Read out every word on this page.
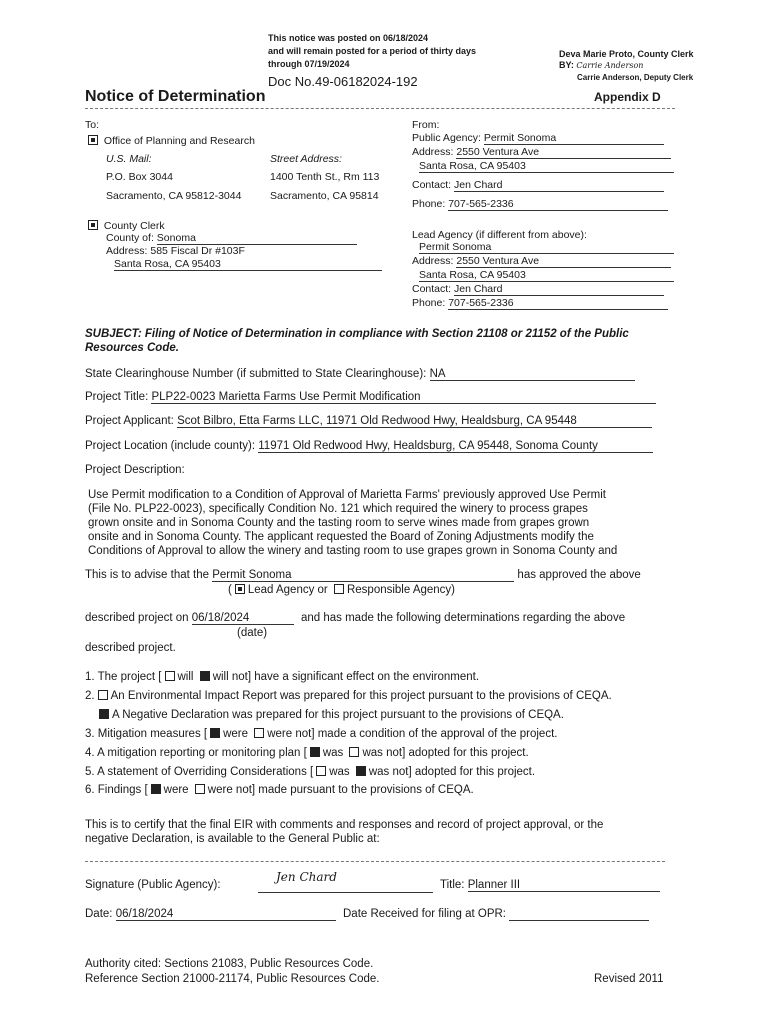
This notice was posted on 06/18/2024
and will remain posted for a period of thirty days
through 07/19/2024
Doc No.49-06182024-192
Deva Marie Proto, County Clerk
BY: Carrie Anderson
Carrie Anderson, Deputy Clerk
Notice of Determination	Appendix D
To:
Office of Planning and Research
U.S. Mail:	Street Address:
P.O. Box 3044	1400 Tenth St., Rm 113
Sacramento, CA 95812-3044	Sacramento, CA 95814
County Clerk
County of: Sonoma
Address: 585 Fiscal Dr #103F
Santa Rosa, CA 95403
From:
Public Agency: Permit Sonoma
Address: 2550 Ventura Ave
Santa Rosa, CA 95403
Contact: Jen Chard
Phone: 707-565-2336
Lead Agency (if different from above):
Permit Sonoma
Address: 2550 Ventura Ave
Santa Rosa, CA 95403
Contact: Jen Chard
Phone: 707-565-2336
SUBJECT: Filing of Notice of Determination in compliance with Section 21108 or 21152 of the Public Resources Code.
State Clearinghouse Number (if submitted to State Clearinghouse): NA
Project Title: PLP22-0023 Marietta Farms Use Permit Modification
Project Applicant: Scot Bilbro, Etta Farms LLC, 11971 Old Redwood Hwy, Healdsburg, CA 95448
Project Location (include county): 11971 Old Redwood Hwy, Healdsburg, CA 95448, Sonoma County
Project Description:
Use Permit modification to a Condition of Approval of Marietta Farms' previously approved Use Permit
(File No. PLP22-0023), specifically Condition No. 121 which required the winery to process grapes
grown onsite and in Sonoma County and the tasting room to serve wines made from grapes grown
onsite and in Sonoma County. The applicant requested the Board of Zoning Adjustments modify the
Conditions of Approval to allow the winery and tasting room to use grapes grown in Sonoma County and
This is to advise that the Permit Sonoma	has approved the above
( Lead Agency or Responsible Agency)
described project on 06/18/2024	and has made the following determinations regarding the above
(date)
described project.
1. The project [ will will not] have a significant effect on the environment.
2. An Environmental Impact Report was prepared for this project pursuant to the provisions of CEQA.
A Negative Declaration was prepared for this project pursuant to the provisions of CEQA.
3. Mitigation measures [ were were not] made a condition of the approval of the project.
4. A mitigation reporting or monitoring plan [ was was not] adopted for this project.
5. A statement of Overriding Considerations [ was was not] adopted for this project.
6. Findings [ were were not] made pursuant to the provisions of CEQA.
This is to certify that the final EIR with comments and responses and record of project approval, or the
negative Declaration, is available to the General Public at:
Signature (Public Agency):
Jen Chard
Title: Planner III
Date: 06/18/2024	Date Received for filing at OPR:
Authority cited: Sections 21083, Public Resources Code.
Reference Section 21000-21174, Public Resources Code.	Revised 2011
